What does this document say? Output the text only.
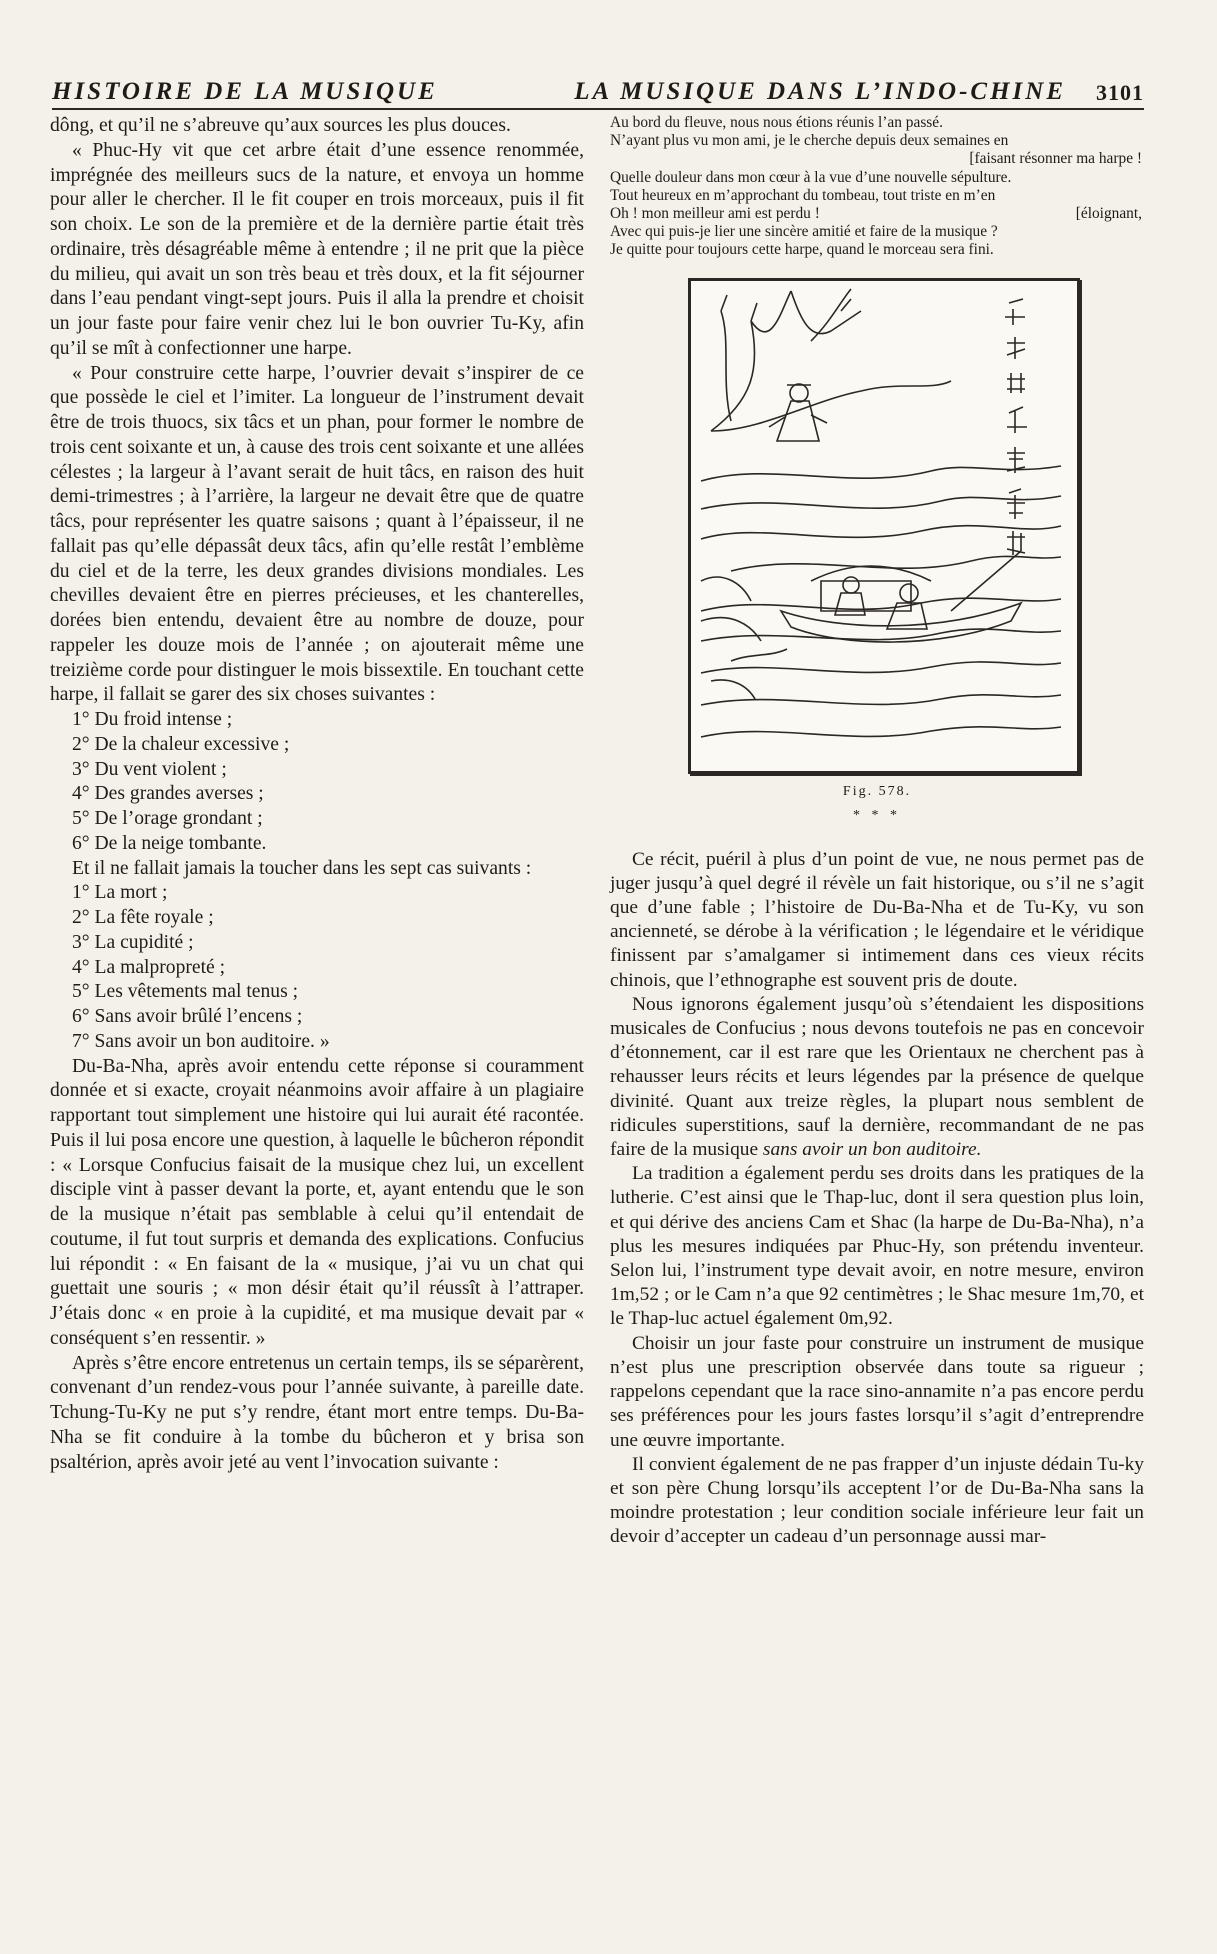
HISTOIRE DE LA MUSIQUE	LA MUSIQUE DANS L’INDO-CHINE 3101

dông, et qu’il ne s’abreuve qu’aux sources les plus douces.

« Phuc-Hy vit que cet arbre était d’une essence renommée, imprégnée des meilleurs sucs de la nature, et envoya un homme pour aller le chercher. Il le fit couper en trois morceaux, puis il fit son choix. Le son de la première et de la dernière partie était très ordinaire, très désagréable même à entendre ; il ne prit que la pièce du milieu, qui avait un son très beau et très doux, et la fit séjourner dans l’eau pendant vingt-sept jours. Puis il alla la prendre et choisit un jour faste pour faire venir chez lui le bon ouvrier Tu-Ky, afin qu’il se mît à confectionner une harpe.

« Pour construire cette harpe, l’ouvrier devait s’inspirer de ce que possède le ciel et l’imiter. La longueur de l’instrument devait être de trois thuocs, six tâcs et un phan, pour former le nombre de trois cent soixante et un, à cause des trois cent soixante et une allées célestes ; la largeur à l’avant serait de huit tâcs, en raison des huit demi-trimestres ; à l’arrière, la largeur ne devait être que de quatre tâcs, pour représenter les quatre saisons ; quant à l’épaisseur, il ne fallait pas qu’elle dépassât deux tâcs, afin qu’elle restât l’emblème du ciel et de la terre, les deux grandes divisions mondiales. Les chevilles devaient être en pierres précieuses, et les chanterelles, dorées bien entendu, devaient être au nombre de douze, pour rappeler les douze mois de l’année ; on ajouterait même une treizième corde pour distinguer le mois bissextile. En touchant cette harpe, il fallait se garer des six choses suivantes :

1° Du froid intense ;

2° De la chaleur excessive ;

3° Du vent violent ;

4° Des grandes averses ;

5° De l’orage grondant ;

6° De la neige tombante.

Et il ne fallait jamais la toucher dans les sept cas suivants :

1° La mort ;

2° La fête royale ;

3° La cupidité ;

4° La malpropreté ;

5° Les vêtements mal tenus ;

6° Sans avoir brûlé l’encens ;

7° Sans avoir un bon auditoire. »

Du-Ba-Nha, après avoir entendu cette réponse si couramment donnée et si exacte, croyait néanmoins avoir affaire à un plagiaire rapportant tout simplement une histoire qui lui aurait été racontée. Puis il lui posa encore une question, à laquelle le bûcheron répondit : « Lorsque Confucius faisait de la musique chez lui, un excellent disciple vint à passer devant la porte, et, ayant entendu que le son de la musique n’était pas semblable à celui qu’il entendait de coutume, il fut tout surpris et demanda des explications. Confucius lui répondit : « En faisant de la « musique, j’ai vu un chat qui guettait une souris ; « mon désir était qu’il réussît à l’attraper. J’étais donc « en proie à la cupidité, et ma musique devait par « conséquent s’en ressentir. »

Après s’être encore entretenus un certain temps, ils se séparèrent, convenant d’un rendez-vous pour l’année suivante, à pareille date. Tchung-Tu-Ky ne put s’y rendre, étant mort entre temps. Du-Ba-Nha se fit conduire à la tombe du bûcheron et y brisa son psaltérion, après avoir jeté au vent l’invocation suivante :

Au bord du fleuve, nous nous étions réunis l’an passé.
N’ayant plus vu mon ami, je le cherche depuis deux semaines en
[faisant résonner ma harpe !
Quelle douleur dans mon cœur à la vue d’une nouvelle sépulture.
Tout heureux en m’approchant du tombeau, tout triste en m’en
Oh ! mon meilleur ami est perdu !	[éloignant,
Avec qui puis-je lier une sincère amitié et faire de la musique ?
Je quitte pour toujours cette harpe, quand le morceau sera fini.
Fig. 578.
* * *

Ce récit, puéril à plus d’un point de vue, ne nous permet pas de juger jusqu’à quel degré il révèle un fait historique, ou s’il ne s’agit que d’une fable ; l’histoire de Du-Ba-Nha et de Tu-Ky, vu son ancienneté, se dérobe à la vérification ; le légendaire et le véridique finissent par s’amalgamer si intimement dans ces vieux récits chinois, que l’ethnographe est souvent pris de doute.

Nous ignorons également jusqu’où s’étendaient les dispositions musicales de Confucius ; nous devons toutefois ne pas en concevoir d’étonnement, car il est rare que les Orientaux ne cherchent pas à rehausser leurs récits et leurs légendes par la présence de quelque divinité. Quant aux treize règles, la plupart nous semblent de ridicules superstitions, sauf la dernière, recommandant de ne pas faire de la musique sans avoir un bon auditoire.

La tradition a également perdu ses droits dans les pratiques de la lutherie. C’est ainsi que le Thap-luc, dont il sera question plus loin, et qui dérive des anciens Cam et Shac (la harpe de Du-Ba-Nha), n’a plus les mesures indiquées par Phuc-Hy, son prétendu inventeur. Selon lui, l’instrument type devait avoir, en notre mesure, environ 1m,52 ; or le Cam n’a que 92 centimètres ; le Shac mesure 1m,70, et le Thap-luc actuel également 0m,92.

Choisir un jour faste pour construire un instrument de musique n’est plus une prescription observée dans toute sa rigueur ; rappelons cependant que la race sino-annamite n’a pas encore perdu ses préférences pour les jours fastes lorsqu’il s’agit d’entreprendre une œuvre importante.

Il convient également de ne pas frapper d’un injuste dédain Tu-ky et son père Chung lorsqu’ils acceptent l’or de Du-Ba-Nha sans la moindre protestation ; leur condition sociale inférieure leur fait un devoir d’accepter un cadeau d’un personnage aussi mar-
